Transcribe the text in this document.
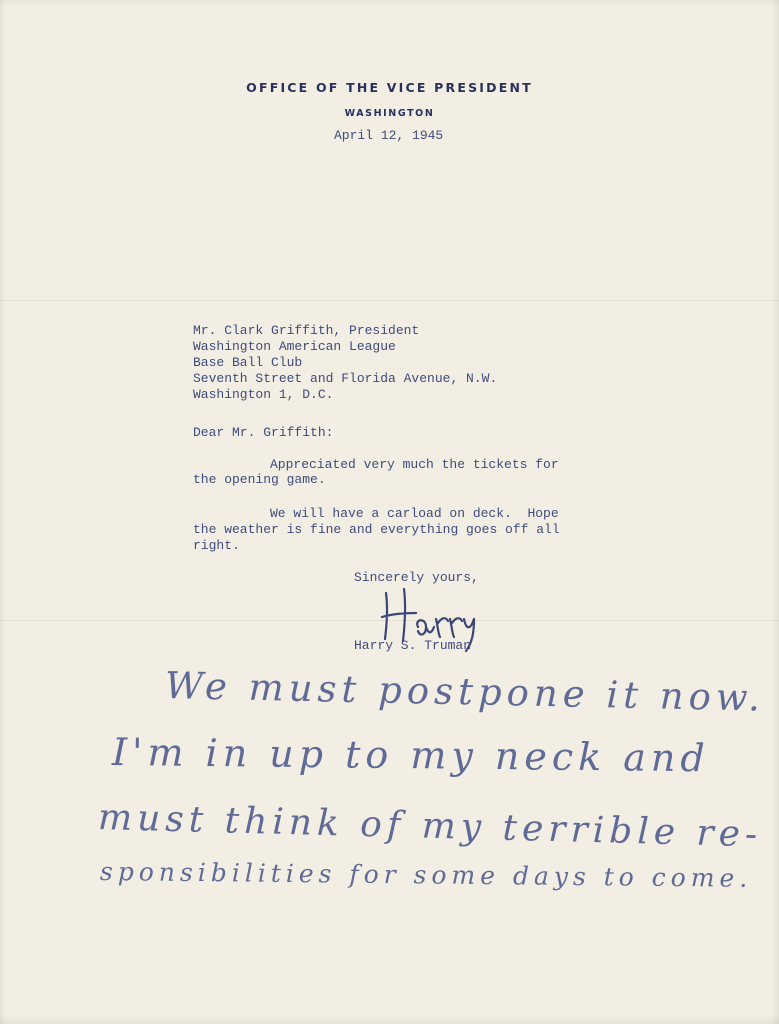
OFFICE OF THE VICE PRESIDENT
WASHINGTON
April 12, 1945
Mr. Clark Griffith, President
Washington American League
Base Ball Club
Seventh Street and Florida Avenue, N.W.
Washington 1, D.C.
Dear Mr. Griffith:
Appreciated very much the tickets for
the opening game.
We will have a carload on deck.  Hope
the weather is fine and everything goes off all
right.
Sincerely yours,
Harry S. Truman
We must postpone it now.
I'm in up to my neck and
must think of my terrible re-
sponsibilities for some days to come.
